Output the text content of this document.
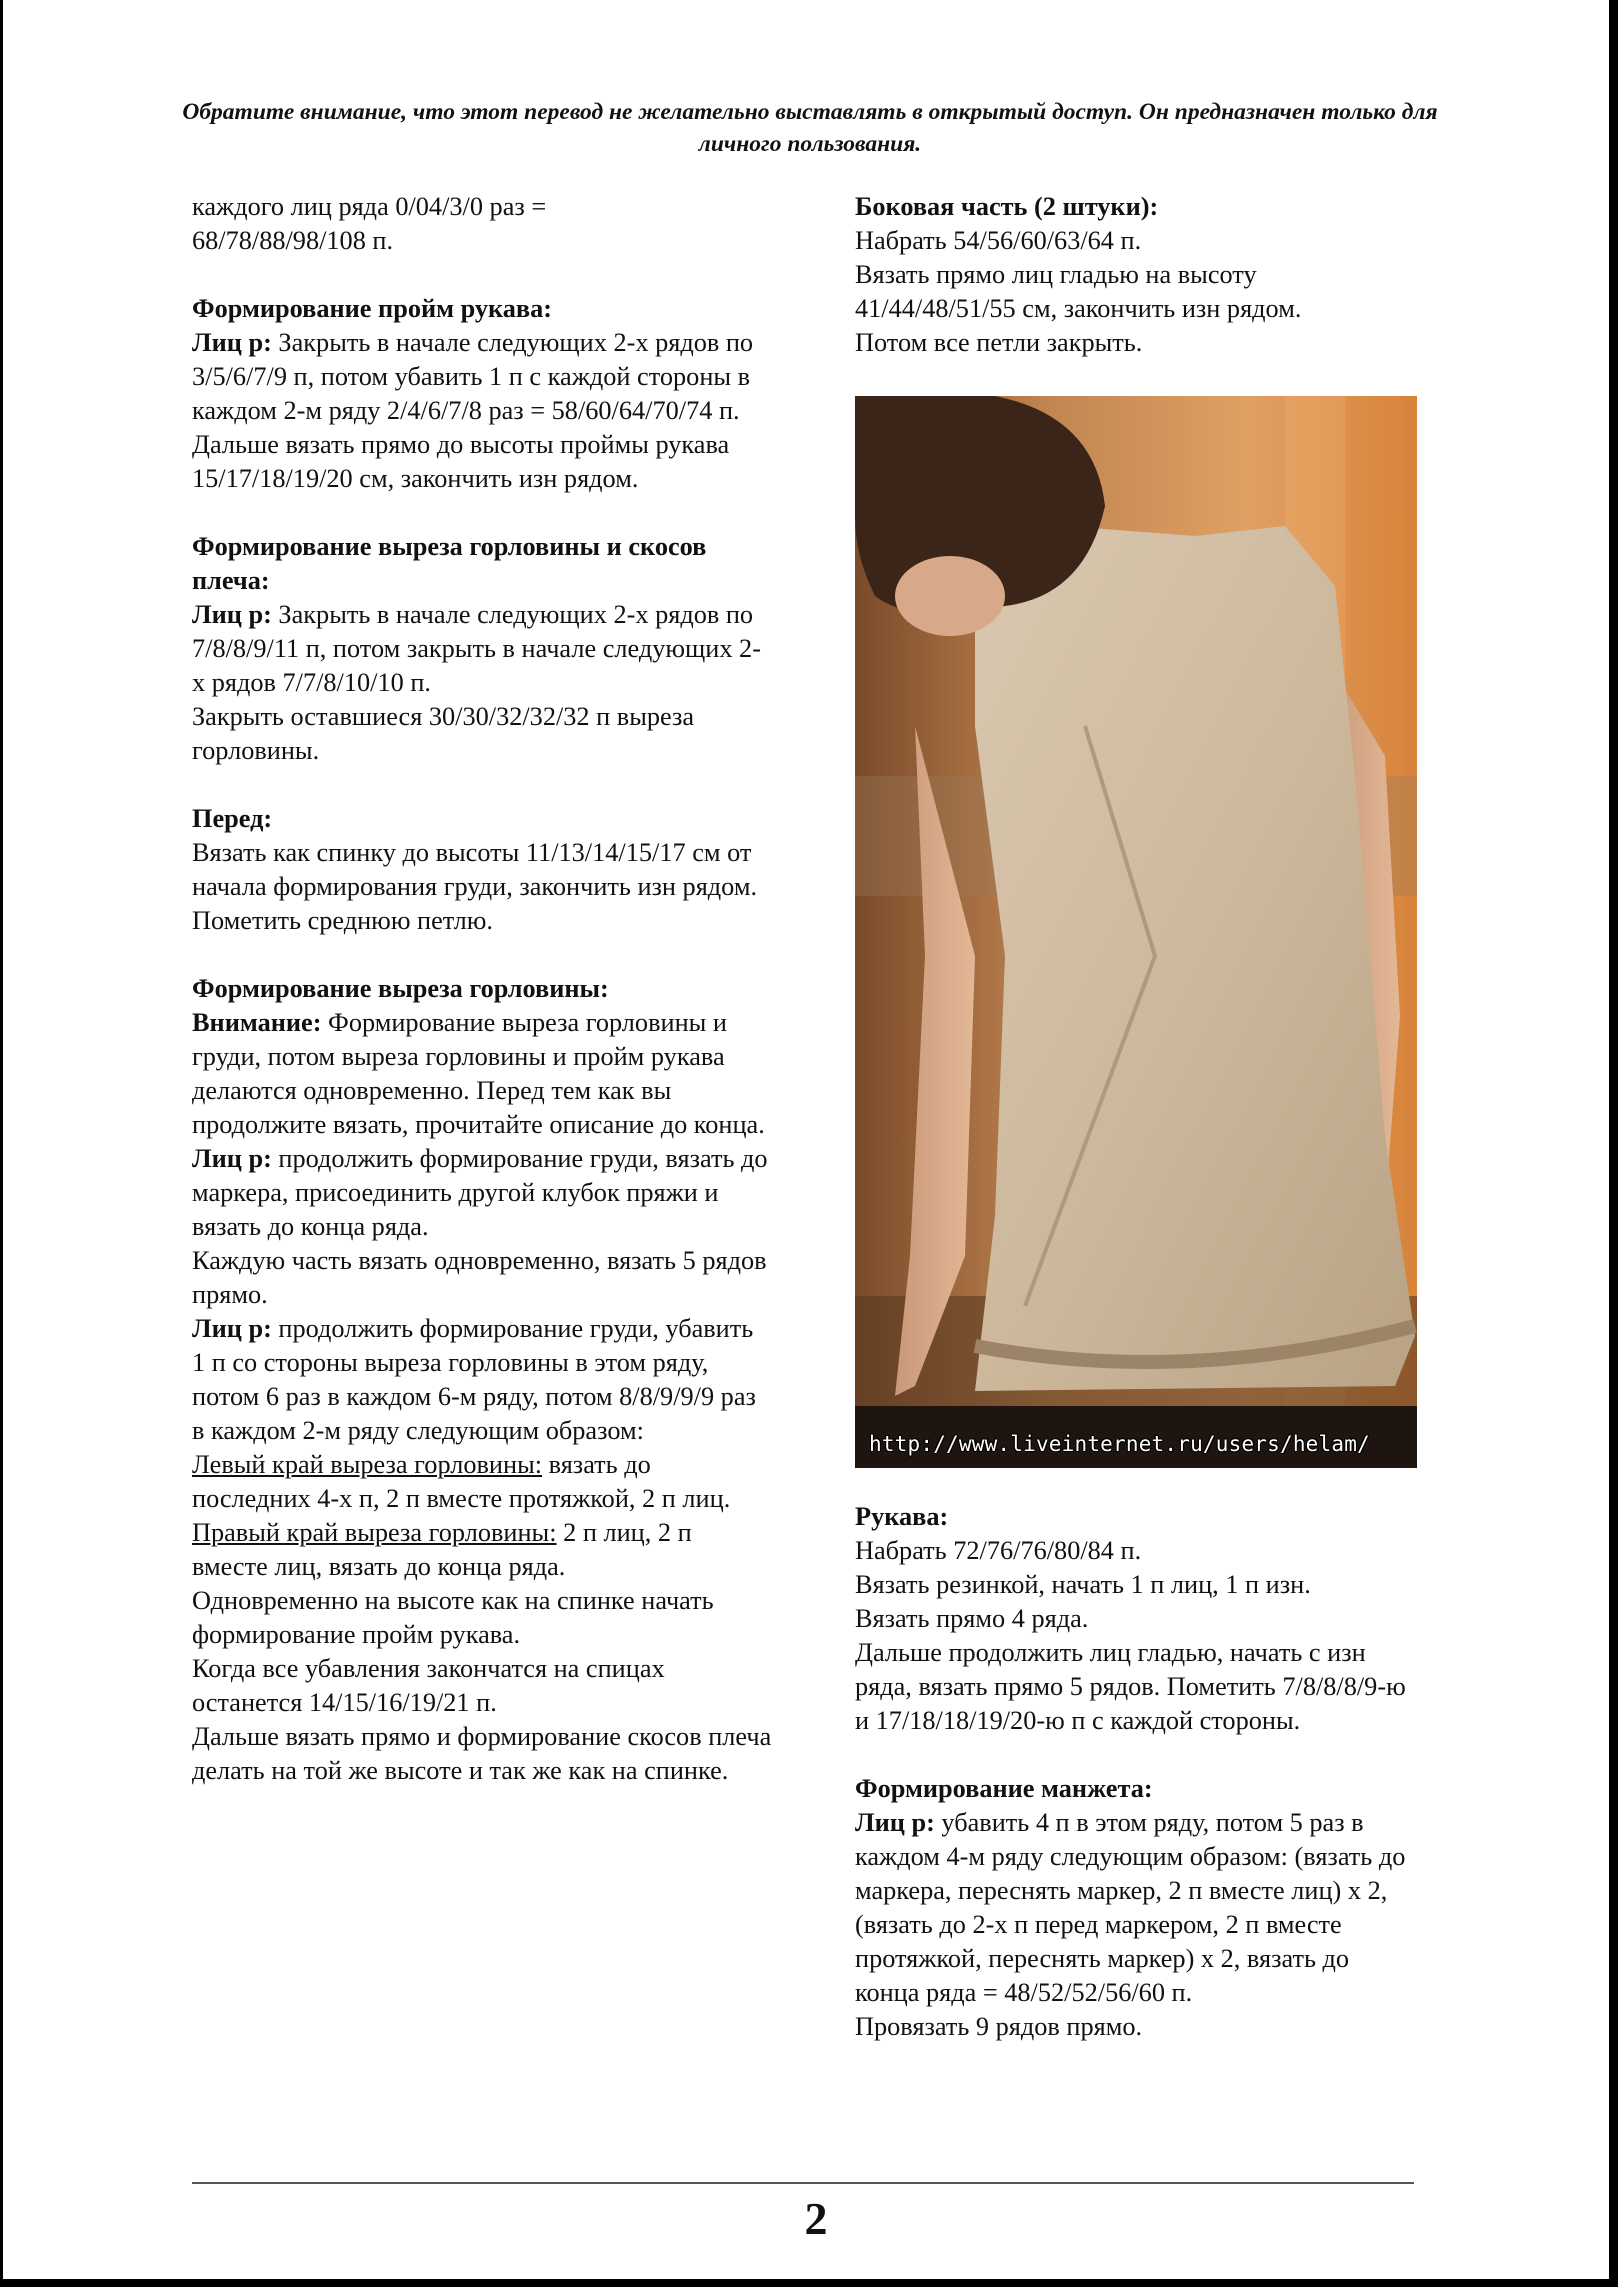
Обратите внимание, что этот перевод не желательно выставлять в открытый доступ. Он предназначен только для личного пользования.

каждого лиц ряда 0/04/3/0 раз =
68/78/88/98/108 п.

Формирование пройм рукава:

Лиц р: Закрыть в начале следующих 2-х рядов по 3/5/6/7/9 п, потом убавить 1 п с каждой стороны в каждом 2-м ряду 2/4/6/7/8 раз = 58/60/64/70/74 п.

Дальше вязать прямо до высоты проймы рукава 15/17/18/19/20 см, закончить изн рядом.

Формирование выреза горловины и скосов плеча:

Лиц р: Закрыть в начале следующих 2-х рядов по 7/8/8/9/11 п, потом закрыть в начале следующих 2-х рядов 7/7/8/10/10 п.

Закрыть оставшиеся 30/30/32/32/32 п выреза горловины.

Перед:

Вязать как спинку до высоты 11/13/14/15/17 см от начала формирования груди, закончить изн рядом.

Пометить среднюю петлю.

Формирование выреза горловины:

Внимание: Формирование выреза горловины и груди, потом выреза горловины и пройм рукава делаются одновременно. Перед тем как вы продолжите вязать, прочитайте описание до конца.

Лиц р: продолжить формирование груди, вязать до маркера, присоединить другой клубок пряжи и вязать до конца ряда.

Каждую часть вязать одновременно, вязать 5 рядов прямо.

Лиц р: продолжить формирование груди, убавить 1 п со стороны выреза горловины в этом ряду, потом 6 раз в каждом 6-м ряду, потом 8/8/9/9/9 раз в каждом 2-м ряду следующим образом:

Левый край выреза горловины: вязать до последних 4-х п, 2 п вместе протяжкой, 2 п лиц.

Правый край выреза горловины: 2 п лиц, 2 п вместе лиц, вязать до конца ряда.

Одновременно на высоте как на спинке начать формирование пройм рукава.

Когда все убавления закончатся на спицах останется 14/15/16/19/21 п.

Дальше вязать прямо и формирование скосов плеча делать на той же высоте и так же как на спинке.

Боковая часть (2 штуки):

Набрать 54/56/60/63/64 п.

Вязать прямо лиц гладью на высоту 41/44/48/51/55 см, закончить изн рядом.

Потом все петли закрыть.

http://www.liveinternet.ru/users/helam/

Рукава:

Набрать 72/76/76/80/84 п.

Вязать резинкой, начать 1 п лиц, 1 п изн.

Вязать прямо 4 ряда.

Дальше продолжить лиц гладью, начать с изн ряда, вязать прямо 5 рядов. Пометить 7/8/8/8/9-ю и 17/18/18/19/20-ю п с каждой стороны.

Формирование манжета:

Лиц р: убавить 4 п в этом ряду, потом 5 раз в каждом 4-м ряду следующим образом: (вязать до маркера, переснять маркер, 2 п вместе лиц) х 2, (вязать до 2-х п перед маркером, 2 п вместе протяжкой, переснять маркер) х 2, вязать до конца ряда = 48/52/52/56/60 п.

Провязать 9 рядов прямо.

2
